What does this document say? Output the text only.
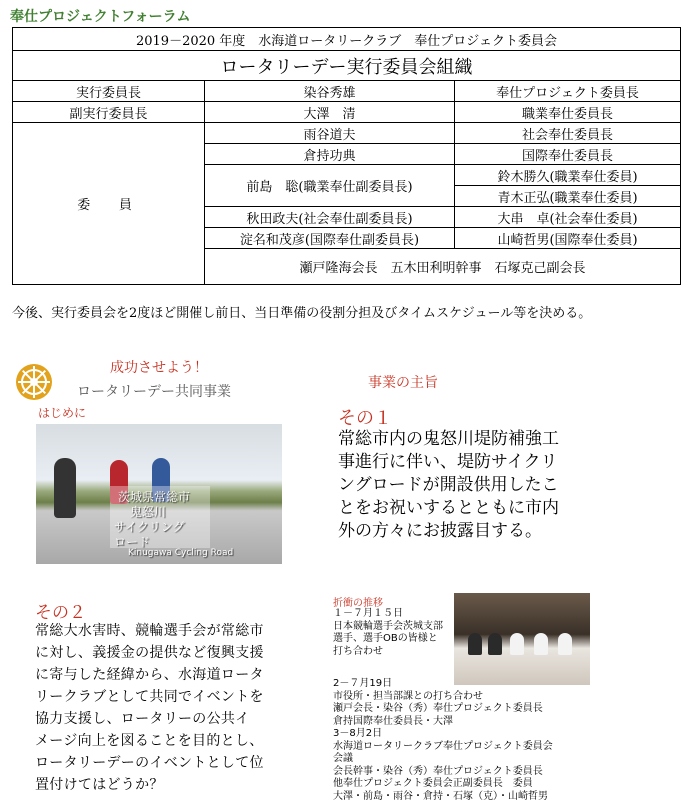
奉仕プロジェクトフォーラム
2019－2020 年度　水海道ロータリークラブ　奉仕プロジェクト委員会		
ロータリーデー実行委員会組織		
実行委員長	染谷秀雄	奉仕プロジェクト委員長
副実行委員長	大澤　清	職業奉仕委員長
委　員	雨谷道夫	社会奉仕委員長
	倉持功典	国際奉仕委員長
	前島　聡(職業奉仕副委員長)	鈴木勝久(職業奉仕委員)
		青木正弘(職業奉仕委員)
	秋田政夫(社会奉仕副委員長)	大串　卓(社会奉仕委員)
	淀名和茂彦(国際奉仕副委員長)	山崎哲男(国際奉仕委員)
	瀬戸隆海会長　五木田利明幹事　石塚克己副会長	
今後、実行委員会を2度ほど開催し前日、当日準備の役割分担及びタイムスケジュール等を決める。
成功させよう！
ロータリーデー共同事業
はじめに
茨城県常総市
鬼怒川
サイクリング
ロード
Kinugawa Cycling Road
その２
常総大水害時、競輪選手会が常総市
に対し、義援金の提供など復興支援
に寄与した経緯から、水海道ロータ
リークラブとして共同でイベントを
協力支援し、ロータリーの公共イ
メージ向上を図ることを目的とし、
ロータリーデーのイベントとして位
置付けてはどうか？
事業の主旨
その１
常総市内の鬼怒川堤防補強工
事進行に伴い、堤防サイクリ
ングロードが開設供用したこ
とをお祝いするとともに市内
外の方々にお披露目する。
折衝の推移
１－７月１５日
日本競輪選手会茨城支部
選手、選手OBの皆様と
打ち合わせ
2－７月19日
市役所・担当部課との打ち合わせ
瀬戸会長・染谷（秀）奉仕プロジェクト委員長
倉持国際奉仕委員長・大澤
3－8月2日
水海道ロータリークラブ奉仕プロジェクト委員会
会議
会長幹事・染谷（秀）奉仕プロジェクト委員長
他奉仕プロジェクト委員会正副委員長　委員
大澤・前島・雨谷・倉持・石塚（克）・山崎哲男
